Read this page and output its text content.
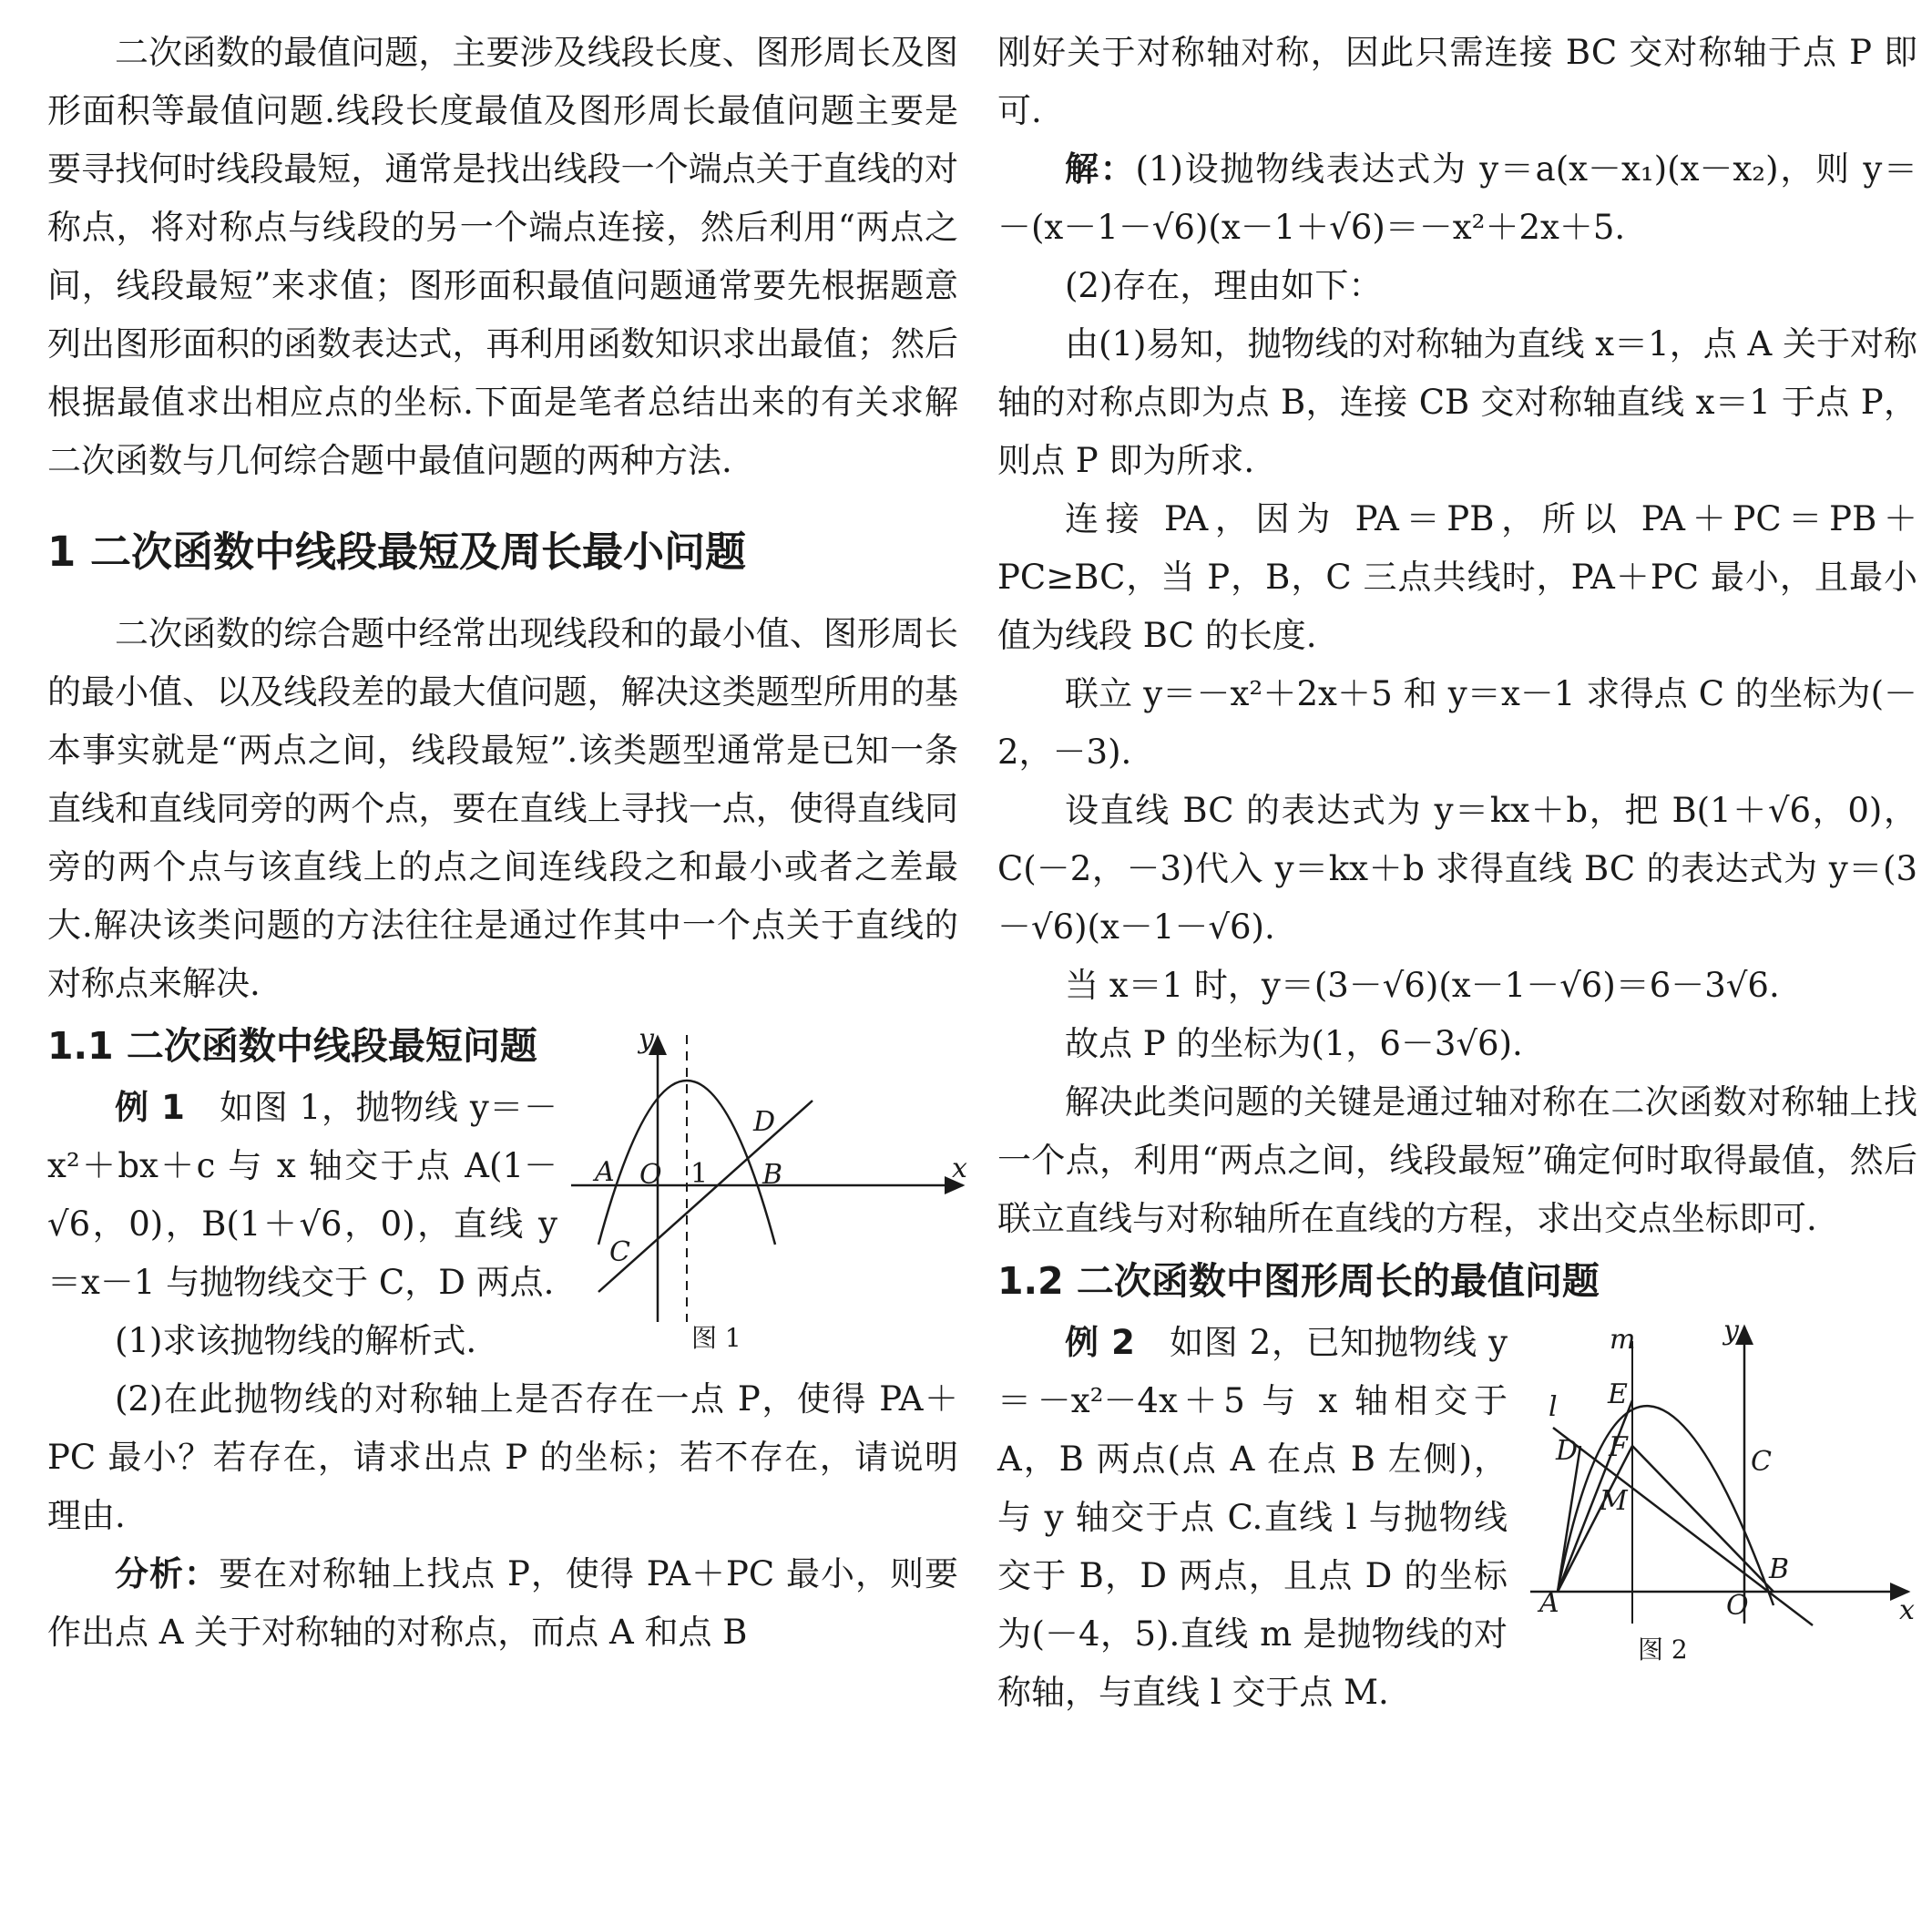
二次函数的最值问题，主要涉及线段长度、图形周长及图形面积等最值问题.线段长度最值及图形周长最值问题主要是要寻找何时线段最短，通常是找出线段一个端点关于直线的对称点，将对称点与线段的另一个端点连接，然后利用“两点之间，线段最短”来求值；图形面积最值问题通常要先根据题意列出图形面积的函数表达式，再利用函数知识求出最值；然后根据最值求出相应点的坐标.下面是笔者总结出来的有关求解二次函数与几何综合题中最值问题的两种方法.

1 二次函数中线段最短及周长最小问题

二次函数的综合题中经常出现线段和的最小值、图形周长的最小值、以及线段差的最大值问题，解决这类题型所用的基本事实就是“两点之间，线段最短”.该类题型通常是已知一条直线和直线同旁的两个点，要在直线上寻找一点，使得直线同旁的两个点与该直线上的点之间连线段之和最小或者之差最大.解决该类问题的方法往往是通过作其中一个点关于直线的对称点来解决.

y
x
A O 1 B
C
D
图 1
1.1 二次函数中线段最短问题

例 1　如图 1，抛物线 y＝－x²＋bx＋c 与 x 轴交于点 A(1－√6，0)，B(1＋√6，0)，直线 y＝x－1 与抛物线交于 C，D 两点.

(1)求该抛物线的解析式.

(2)在此抛物线的对称轴上是否存在一点 P，使得 PA＋PC 最小？若存在，请求出点 P 的坐标；若不存在，请说明理由.

分析：要在对称轴上找点 P，使得 PA＋PC 最小，则要作出点 A 关于对称轴的对称点，而点 A 和点 B

刚好关于对称轴对称，因此只需连接 BC 交对称轴于点 P 即可.

解：(1)设抛物线表达式为 y＝a(x－x₁)(x－x₂)，则 y＝－(x－1－√6)(x－1＋√6)＝－x²＋2x＋5.

(2)存在，理由如下：

由(1)易知，抛物线的对称轴为直线 x＝1，点 A 关于对称轴的对称点即为点 B，连接 CB 交对称轴直线 x＝1 于点 P，则点 P 即为所求.

连接 PA，因为 PA＝PB，所以 PA＋PC＝PB＋PC≥BC，当 P，B，C 三点共线时，PA＋PC 最小，且最小值为线段 BC 的长度.

联立 y＝－x²＋2x＋5 和 y＝x－1 求得点 C 的坐标为(－2，－3).

设直线 BC 的表达式为 y＝kx＋b，把 B(1＋√6，0)，C(－2，－3)代入 y＝kx＋b 求得直线 BC 的表达式为 y＝(3－√6)(x－1－√6).

当 x＝1 时，y＝(3－√6)(x－1－√6)＝6－3√6.

故点 P 的坐标为(1，6－3√6).

解决此类问题的关键是通过轴对称在二次函数对称轴上找一个点，利用“两点之间，线段最短”确定何时取得最值，然后联立直线与对称轴所在直线的方程，求出交点坐标即可.

1.2 二次函数中图形周长的最值问题
y
x
m
l E
D F	C
M
B
A	O
图 2

例 2　如图 2，已知抛物线 y＝－x²－4x＋5 与 x 轴相交于 A，B 两点(点 A 在点 B 左侧)，与 y 轴交于点 C.直线 l 与抛物线交于 B，D 两点，且点 D 的坐标为(－4，5).直线 m 是抛物线的对称轴，与直线 l 交于点 M.
